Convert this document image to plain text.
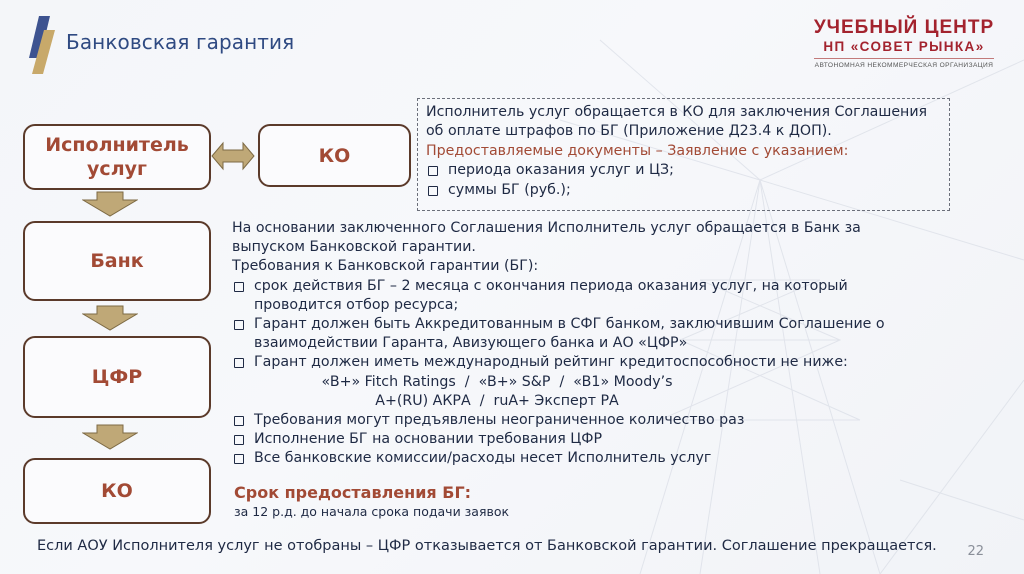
Банковская гарантия
УЧЕБНЫЙ ЦЕНТР
НП «СОВЕТ РЫНКА»
АВТОНОМНАЯ НЕКОММЕРЧЕСКАЯ ОРГАНИЗАЦИЯ
Исполнитель услуг
КО
Банк
ЦФР
КО
Исполнитель услуг обращается в КО для заключения Соглашения
об оплате штрафов по БГ (Приложение Д23.4 к ДОП).
Предоставляемые документы – Заявление с указанием:
периода оказания услуг и ЦЗ;
суммы БГ (руб.);
На основании заключенного Соглашения Исполнитель услуг обращается в Банк за
выпуском Банковской гарантии.
Требования к Банковской гарантии (БГ):
срок действия БГ – 2 месяца с окончания периода оказания услуг, на который
проводится отбор ресурса;
Гарант должен быть Аккредитованным в СФГ банком, заключившим Соглашение о
взаимодействии Гаранта, Авизующего банка и АО «ЦФР»
Гарант должен иметь международный рейтинг кредитоспособности не ниже:
«B+» Fitch Ratings  /  «B+» S&P  /  «B1» Moody’s
A+(RU) АКРА  /  ruA+ Эксперт РА
Требования могут предъявлены неограниченное количество раз
Исполнение БГ на основании требования ЦФР
Все банковские комиссии/расходы несет Исполнитель услуг
Срок предоставления БГ:
за 12 р.д. до начала срока подачи заявок
Если АОУ Исполнителя услуг не отобраны – ЦФР отказывается от Банковской гарантии. Соглашение прекращается. 22
